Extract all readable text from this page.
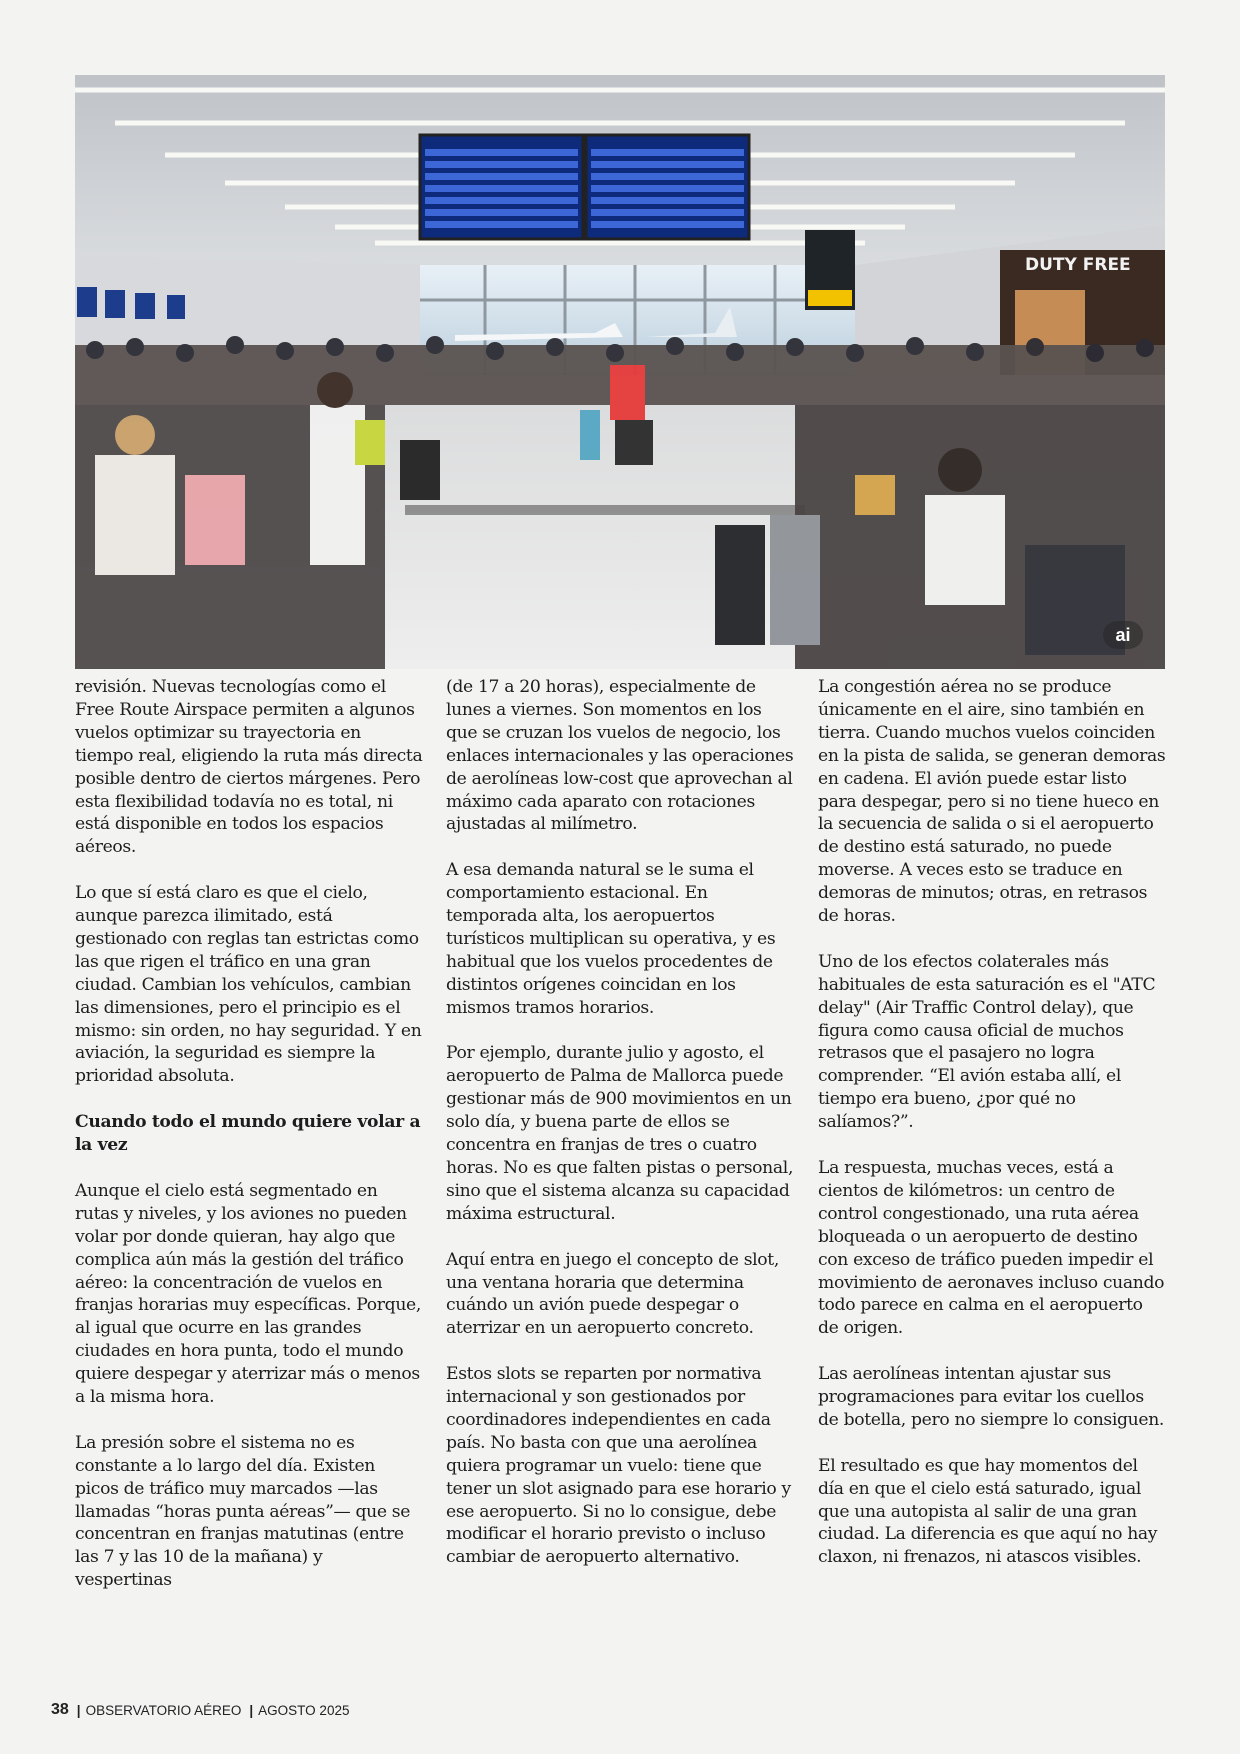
DUTY FREE
ai

revisión. Nuevas tecnologías como el Free Route Airspace permiten a algunos vuelos optimizar su trayectoria en tiempo real, eligiendo la ruta más directa posible dentro de ciertos márgenes. Pero esta flexibilidad todavía no es total, ni está disponible en todos los espacios aéreos.

Lo que sí está claro es que el cielo, aunque parezca ilimitado, está gestionado con reglas tan estrictas como las que rigen el tráfico en una gran ciudad. Cambian los vehículos, cambian las dimensiones, pero el principio es el mismo: sin orden, no hay seguridad. Y en aviación, la seguridad es siempre la prioridad absoluta.

Cuando todo el mundo quiere volar a la vez

Aunque el cielo está segmentado en rutas y niveles, y los aviones no pueden volar por donde quieran, hay algo que complica aún más la gestión del tráfico aéreo: la concentración de vuelos en franjas horarias muy específicas. Porque, al igual que ocurre en las grandes ciudades en hora punta, todo el mundo quiere despegar y aterrizar más o menos a la misma hora.

La presión sobre el sistema no es constante a lo largo del día. Existen picos de tráfico muy marcados —las llamadas “horas punta aéreas”— que se concentran en franjas matutinas (entre las 7 y las 10 de la mañana) y vespertinas

(de 17 a 20 horas), especialmente de lunes a viernes. Son momentos en los que se cruzan los vuelos de negocio, los enlaces internacionales y las operaciones de aerolíneas low-cost que aprovechan al máximo cada aparato con rotaciones ajustadas al milímetro.

A esa demanda natural se le suma el comportamiento estacional. En temporada alta, los aeropuertos turísticos multiplican su operativa, y es habitual que los vuelos procedentes de distintos orígenes coincidan en los mismos tramos horarios.

Por ejemplo, durante julio y agosto, el aeropuerto de Palma de Mallorca puede gestionar más de 900 movimientos en un solo día, y buena parte de ellos se concentra en franjas de tres o cuatro horas. No es que falten pistas o personal, sino que el sistema alcanza su capacidad máxima estructural.

Aquí entra en juego el concepto de slot, una ventana horaria que determina cuándo un avión puede despegar o aterrizar en un aeropuerto concreto.

Estos slots se reparten por normativa internacional y son gestionados por coordinadores independientes en cada país. No basta con que una aerolínea quiera programar un vuelo: tiene que tener un slot asignado para ese horario y ese aeropuerto. Si no lo consigue, debe modificar el horario previsto o incluso cambiar de aeropuerto alternativo.

La congestión aérea no se produce únicamente en el aire, sino también en tierra. Cuando muchos vuelos coinciden en la pista de salida, se generan demoras en cadena. El avión puede estar listo para despegar, pero si no tiene hueco en la secuencia de salida o si el aeropuerto de destino está saturado, no puede moverse. A veces esto se traduce en demoras de minutos; otras, en retrasos de horas.

Uno de los efectos colaterales más habituales de esta saturación es el "ATC delay" (Air Traffic Control delay), que figura como causa oficial de muchos retrasos que el pasajero no logra comprender. “El avión estaba allí, el tiempo era bueno, ¿por qué no salíamos?”.

La respuesta, muchas veces, está a cientos de kilómetros: un centro de control congestionado, una ruta aérea bloqueada o un aeropuerto de destino con exceso de tráfico pueden impedir el movimiento de aeronaves incluso cuando todo parece en calma en el aeropuerto de origen.

Las aerolíneas intentan ajustar sus programaciones para evitar los cuellos de botella, pero no siempre lo consiguen.

El resultado es que hay momentos del día en que el cielo está saturado, igual que una autopista al salir de una gran ciudad. La diferencia es que aquí no hay claxon, ni frenazos, ni atascos visibles.

38 | OBSERVATORIO AÉREO | AGOSTO 2025
